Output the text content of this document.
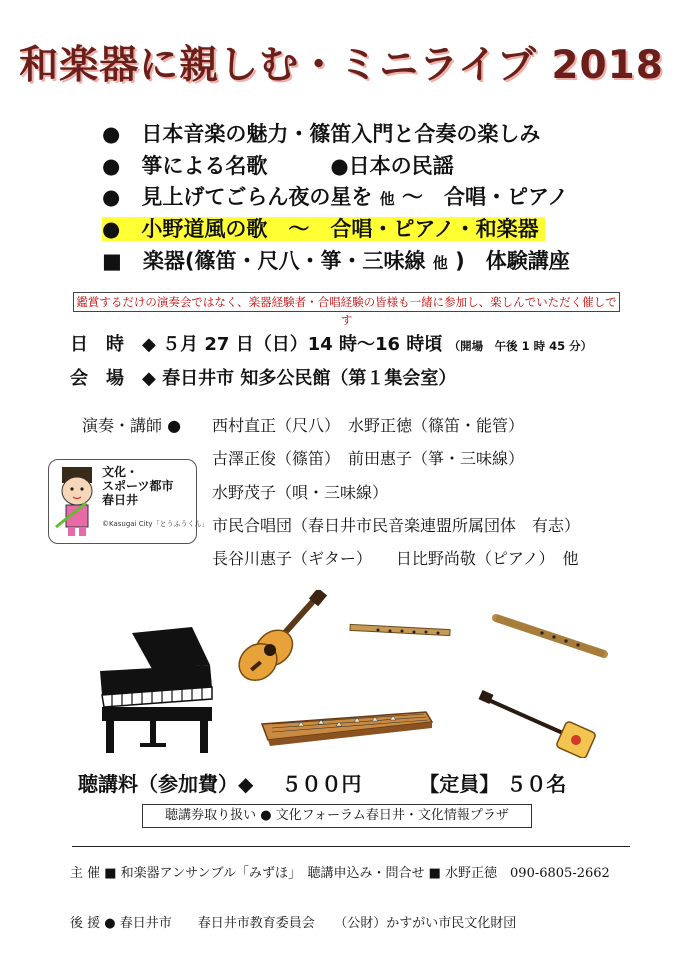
和楽器に親しむ・ミニライブ 2018
●　日本音楽の魅力・篠笛入門と合奏の楽しみ
●　箏による名歌　　　●日本の民謡
●　見上げてごらん夜の星を 他 ～　合唱・ピアノ
●　小野道風の歌　～　合唱・ピアノ・和楽器
■　楽器(篠笛・尺八・箏・三味線 他 )　体験講座
鑑賞するだけの演奏会ではなく、楽器経験者・合唱経験の皆様も一緒に参加し、楽しんでいただく催しです
日　時　◆ ５月 27 日（日）14 時～16 時頃 （開場　午後 1 時 45 分）
会　場　◆ 春日井市 知多公民館（第１集会室）
演奏・講師 ● 西村直正（尺八）　水野正徳（篠笛・能管）
古澤正俊（篠笛）　前田惠子（箏・三味線）
水野茂子（唄・三味線）
市民合唱団（春日井市民音楽連盟所属団体　有志）
長谷川惠子（ギター）　　日比野尚敬（ピアノ）　他
文化・
スポーツ都市
春日井
©Kasugai City「とうふうくん」
聴講料（参加費）◆ ５００円	【定員】 ５０名
聴講券取り扱い ● 文化フォーラム春日井・文化情報プラザ
主 催 ■ 和楽器アンサンブル「みずほ」　聴講申込み・問合せ ■ 水野正徳　090-6805-2662
後 援 ● 春日井市　　春日井市教育委員会　　（公財）かすがい市民文化財団
